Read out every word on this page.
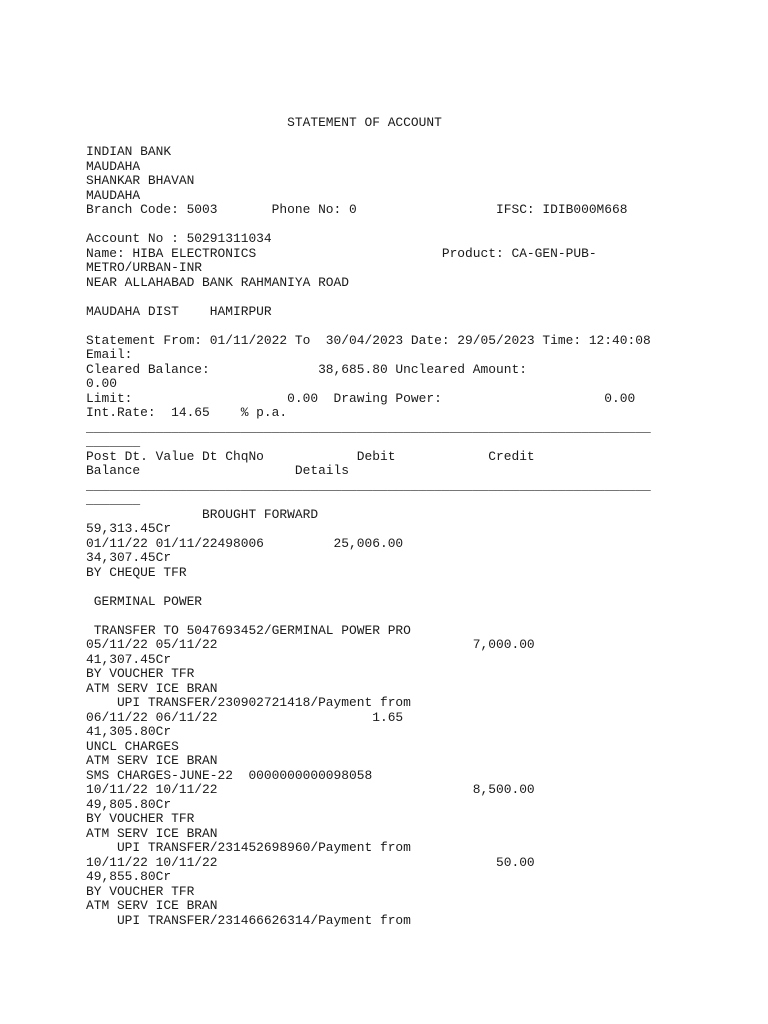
STATEMENT OF ACCOUNT
INDIAN BANK
MAUDAHA
SHANKAR BHAVAN
MAUDAHA
Branch Code: 5003       Phone No: 0                  IFSC: IDIB000M668
Account No : 50291311034
Name: HIBA ELECTRONICS                        Product: CA-GEN-PUB-
METRO/URBAN-INR
NEAR ALLAHABAD BANK RAHMANIYA ROAD
MAUDAHA DIST    HAMIRPUR
Statement From: 01/11/2022 To  30/04/2023 Date: 29/05/2023 Time: 12:40:08
Email:
Cleared Balance:              38,685.80 Uncleared Amount:
0.00
Limit:                    0.00  Drawing Power:                     0.00
Int.Rate:  14.65    % p.a.
_________________________________________________________________________
_______
Post Dt. Value Dt ChqNo            Debit            Credit
Balance                    Details
_________________________________________________________________________
_______
BROUGHT FORWARD
59,313.45Cr
01/11/22 01/11/22498006         25,006.00
34,307.45Cr
BY CHEQUE TFR
GERMINAL POWER
TRANSFER TO 5047693452/GERMINAL POWER PRO
05/11/22 05/11/22                                 7,000.00
41,307.45Cr
BY VOUCHER TFR
ATM SERV ICE BRAN
UPI TRANSFER/230902721418/Payment from
06/11/22 06/11/22                    1.65
41,305.80Cr
UNCL CHARGES
ATM SERV ICE BRAN
SMS CHARGES-JUNE-22  0000000000098058
10/11/22 10/11/22                                 8,500.00
49,805.80Cr
BY VOUCHER TFR
ATM SERV ICE BRAN
UPI TRANSFER/231452698960/Payment from
10/11/22 10/11/22                                    50.00
49,855.80Cr
BY VOUCHER TFR
ATM SERV ICE BRAN
UPI TRANSFER/231466626314/Payment from
